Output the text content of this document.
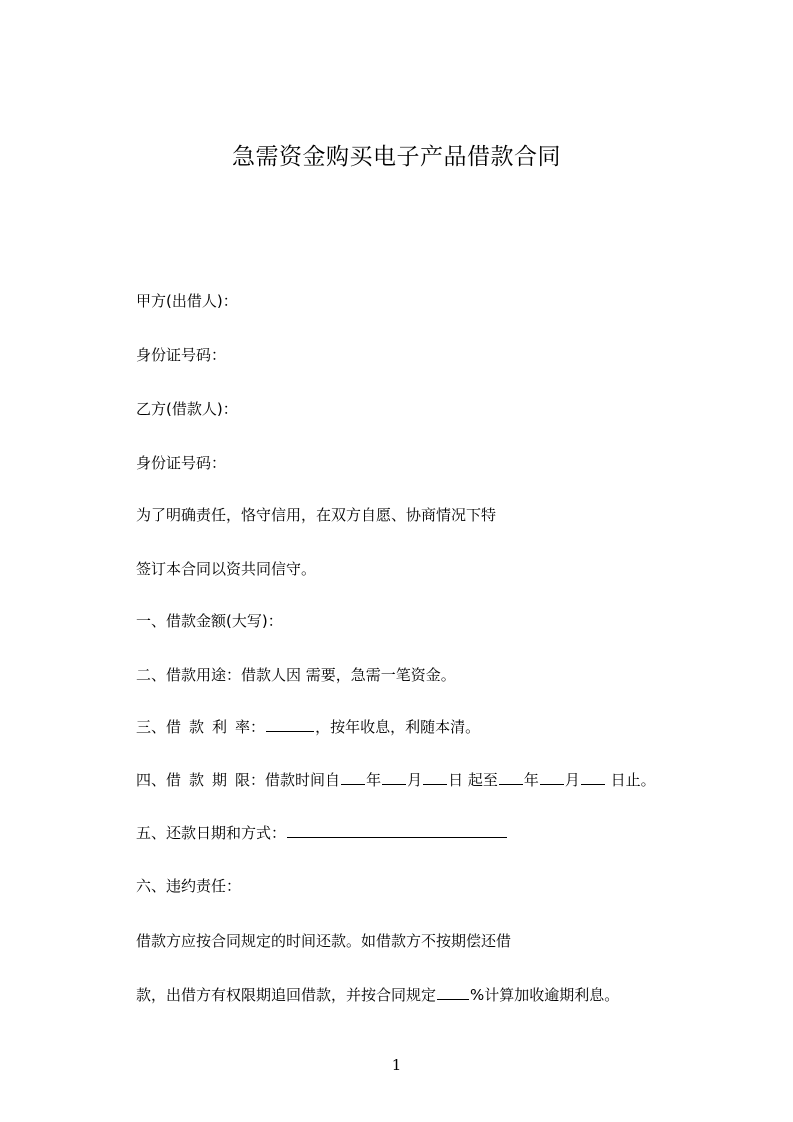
急需资金购买电子产品借款合同
甲方(出借人)：
身份证号码：
乙方(借款人)：
身份证号码：
为了明确责任，恪守信用，在双方自愿、协商情况下特
签订本合同以资共同信守。
一、借款金额(大写)：
二、借款用途：借款人因 需要，急需一笔资金。
三、借款利率：	，按年收息，利随本清。
四、借款期限：借款时间自 年 月 日 起至 年 月 日止。
五、还款日期和方式：
六、违约责任：
借款方应按合同规定的时间还款。如借款方不按期偿还借
款，出借方有权限期追回借款，并按合同规定 %计算加收逾期利息。
1
